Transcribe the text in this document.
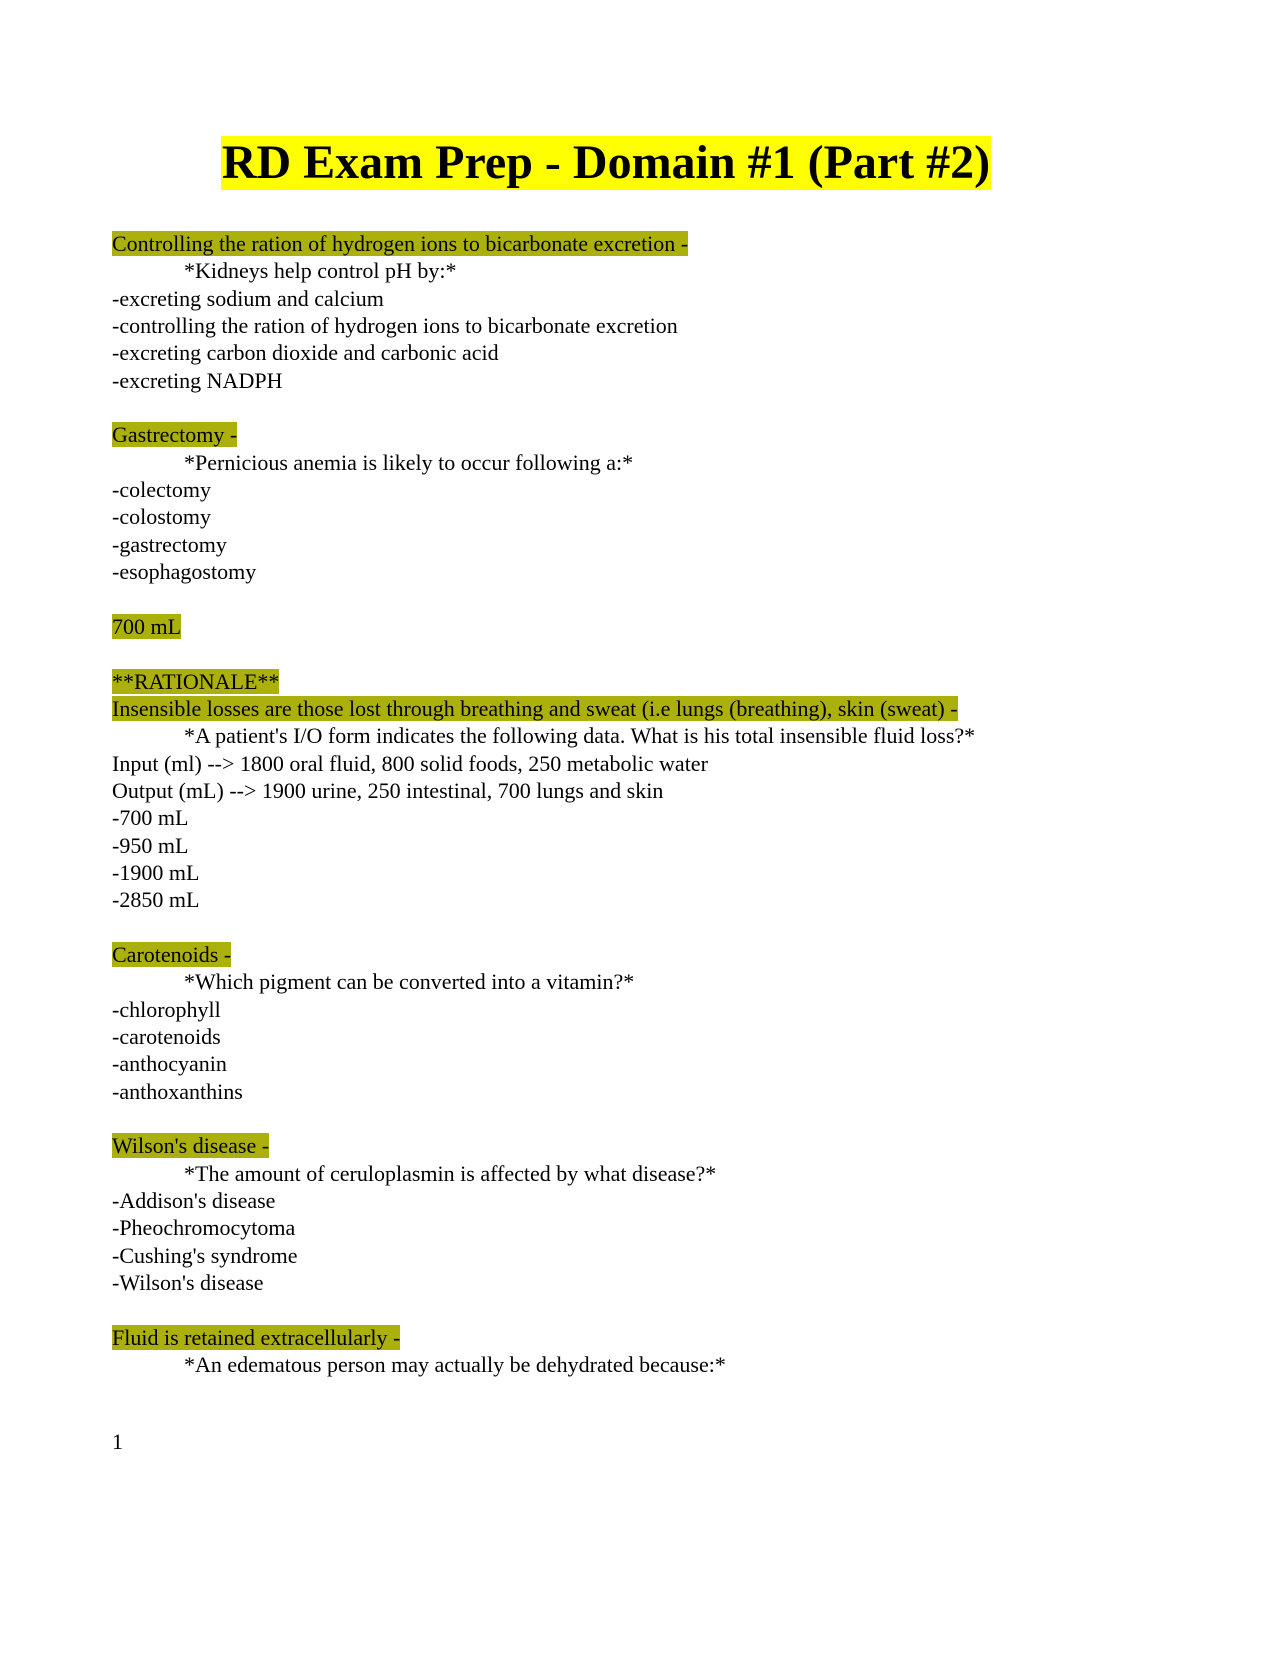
RD Exam Prep - Domain #1 (Part #2)
Controlling the ration of hydrogen ions to bicarbonate excretion -
*Kidneys help control pH by:*
-excreting sodium and calcium
-controlling the ration of hydrogen ions to bicarbonate excretion
-excreting carbon dioxide and carbonic acid
-excreting NADPH
Gastrectomy -
*Pernicious anemia is likely to occur following a:*
-colectomy
-colostomy
-gastrectomy
-esophagostomy
700 mL
**RATIONALE**
Insensible losses are those lost through breathing and sweat (i.e lungs (breathing), skin (sweat) -
*A patient's I/O form indicates the following data. What is his total insensible fluid loss?*
Input (ml) --> 1800 oral fluid, 800 solid foods, 250 metabolic water
Output (mL) --> 1900 urine, 250 intestinal, 700 lungs and skin
-700 mL
-950 mL
-1900 mL
-2850 mL
Carotenoids -
*Which pigment can be converted into a vitamin?*
-chlorophyll
-carotenoids
-anthocyanin
-anthoxanthins
Wilson's disease -
*The amount of ceruloplasmin is affected by what disease?*
-Addison's disease
-Pheochromocytoma
-Cushing's syndrome
-Wilson's disease
Fluid is retained extracellularly -
*An edematous person may actually be dehydrated because:*
1
